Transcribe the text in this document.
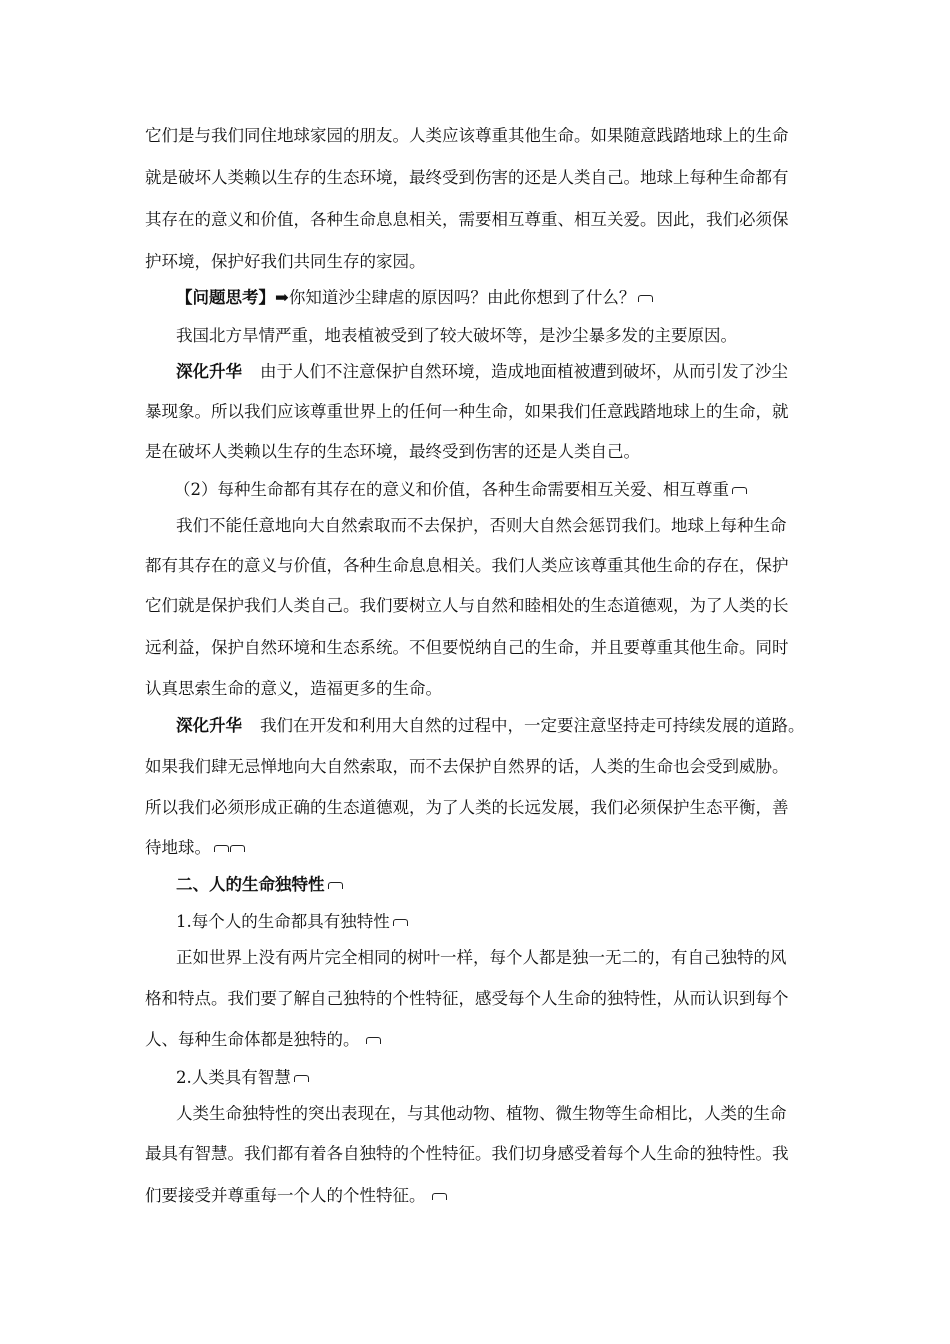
它们是与我们同住地球家园的朋友。人类应该尊重其他生命。如果随意践踏地球上的生命
就是破坏人类赖以生存的生态环境，最终受到伤害的还是人类自己。地球上每种生命都有
其存在的意义和价值，各种生命息息相关，需要相互尊重、相互关爱。因此，我们必须保
护环境，保护好我们共同生存的家园。
【问题思考】➡你知道沙尘肆虐的原因吗？由此你想到了什么？
我国北方旱情严重，地表植被受到了较大破坏等，是沙尘暴多发的主要原因。
深化升华 由于人们不注意保护自然环境，造成地面植被遭到破坏，从而引发了沙尘
暴现象。所以我们应该尊重世界上的任何一种生命，如果我们任意践踏地球上的生命，就
是在破坏人类赖以生存的生态环境，最终受到伤害的还是人类自己。
（2）每种生命都有其存在的意义和价值，各种生命需要相互关爱、相互尊重
我们不能任意地向大自然索取而不去保护，否则大自然会惩罚我们。地球上每种生命
都有其存在的意义与价值，各种生命息息相关。我们人类应该尊重其他生命的存在，保护
它们就是保护我们人类自己。我们要树立人与自然和睦相处的生态道德观，为了人类的长
远利益，保护自然环境和生态系统。不但要悦纳自己的生命，并且要尊重其他生命。同时
认真思索生命的意义，造福更多的生命。
深化升华 我们在开发和利用大自然的过程中，一定要注意坚持走可持续发展的道路。
如果我们肆无忌惮地向大自然索取，而不去保护自然界的话，人类的生命也会受到威胁。
所以我们必须形成正确的生态道德观，为了人类的长远发展，我们必须保护生态平衡，善
待地球。
二、人的生命独特性
1.每个人的生命都具有独特性
正如世界上没有两片完全相同的树叶一样，每个人都是独一无二的，有自己独特的风
格和特点。我们要了解自己独特的个性特征，感受每个人生命的独特性，从而认识到每个
人、每种生命体都是独特的。
2.人类具有智慧
人类生命独特性的突出表现在，与其他动物、植物、微生物等生命相比，人类的生命
最具有智慧。我们都有着各自独特的个性特征。我们切身感受着每个人生命的独特性。我
们要接受并尊重每一个人的个性特征。
